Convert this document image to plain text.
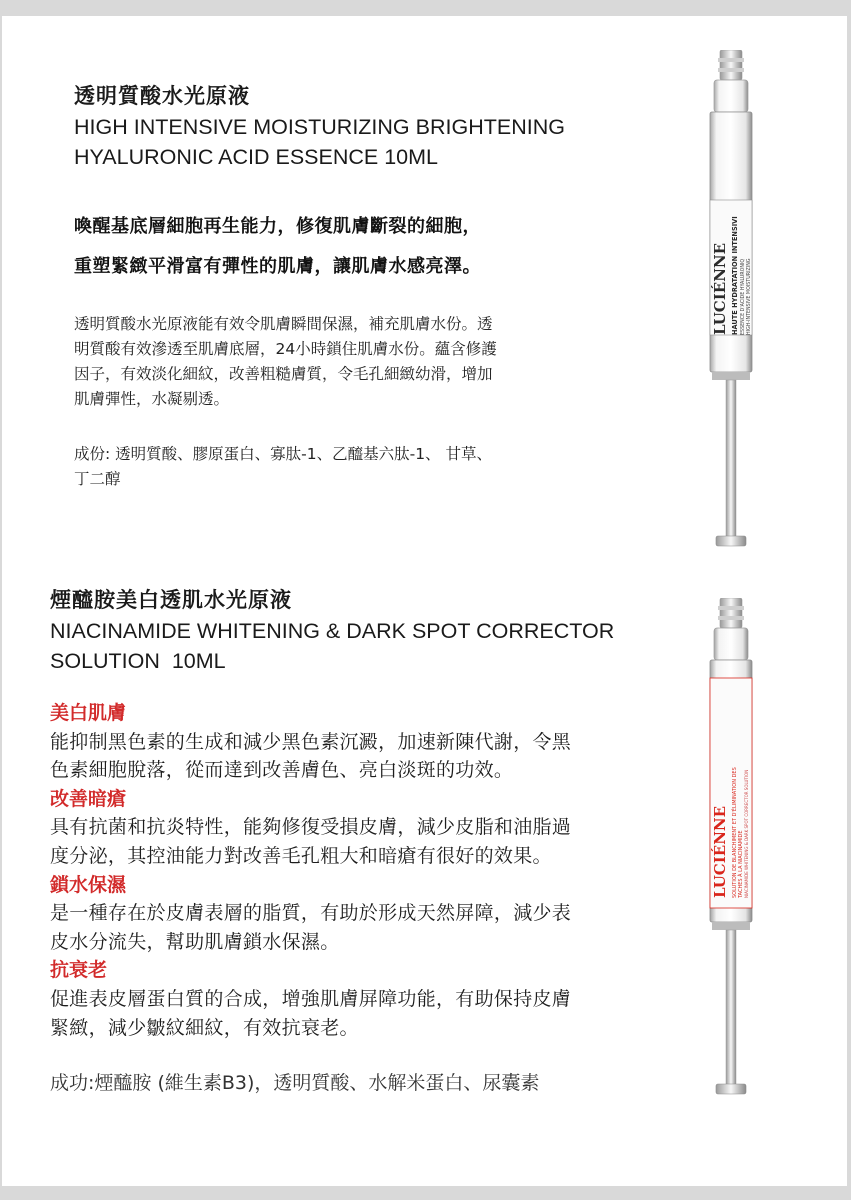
透明質酸水光原液
HIGH INTENSIVE MOISTURIZING BRIGHTENING
HYALURONIC ACID ESSENCE 10ML
喚醒基底層細胞再生能力，修復肌膚斷裂的細胞，
重塑緊緻平滑富有彈性的肌膚，讓肌膚水感亮澤。
透明質酸水光原液能有效令肌膚瞬間保濕，補充肌膚水份。透
明質酸有效滲透至肌膚底層，24小時鎖住肌膚水份。蘊含修護
因子，有效淡化細紋，改善粗糙膚質，令毛孔細緻幼滑，增加
肌膚彈性，水凝剔透。
成份: 透明質酸、膠原蛋白、寡肽-1、乙醯基六肽-1、 甘草、
丁二醇
LUCIÉNNE HAUTE HYDRATATION INTENSIVI ESSENCE D'ACIDE HYALURONIQ HIGH-INTENSIVE MOISTURIZING
煙醯胺美白透肌水光原液
NIACINAMIDE WHITENING & DARK SPOT CORRECTOR
SOLUTION  10ML
美白肌膚
能抑制黑色素的生成和減少黑色素沉澱，加速新陳代謝，令黑
色素細胞脫落，從而達到改善膚色、亮白淡斑的功效。
改善暗瘡
具有抗菌和抗炎特性，能夠修復受損皮膚，減少皮脂和油脂過
度分泌，其控油能力對改善毛孔粗大和暗瘡有很好的效果。
鎖水保濕
是一種存在於皮膚表層的脂質，有助於形成天然屏障，減少表
皮水分流失，幫助肌膚鎖水保濕。
抗衰老
促進表皮層蛋白質的合成，增強肌膚屏障功能，有助保持皮膚
緊緻，減少皺紋細紋，有效抗衰老。
成功:煙醯胺 (維生素B3)，透明質酸、水解米蛋白、尿囊素
LUCIÉNNE SOLUTION DE BLANCHIMENT ET D'ÉLIMINATION DES TACHES À LA NIACINAMIDE NIACINAMIDE WHITENING & DARK SPOT CORRECTOR SOLUTION
